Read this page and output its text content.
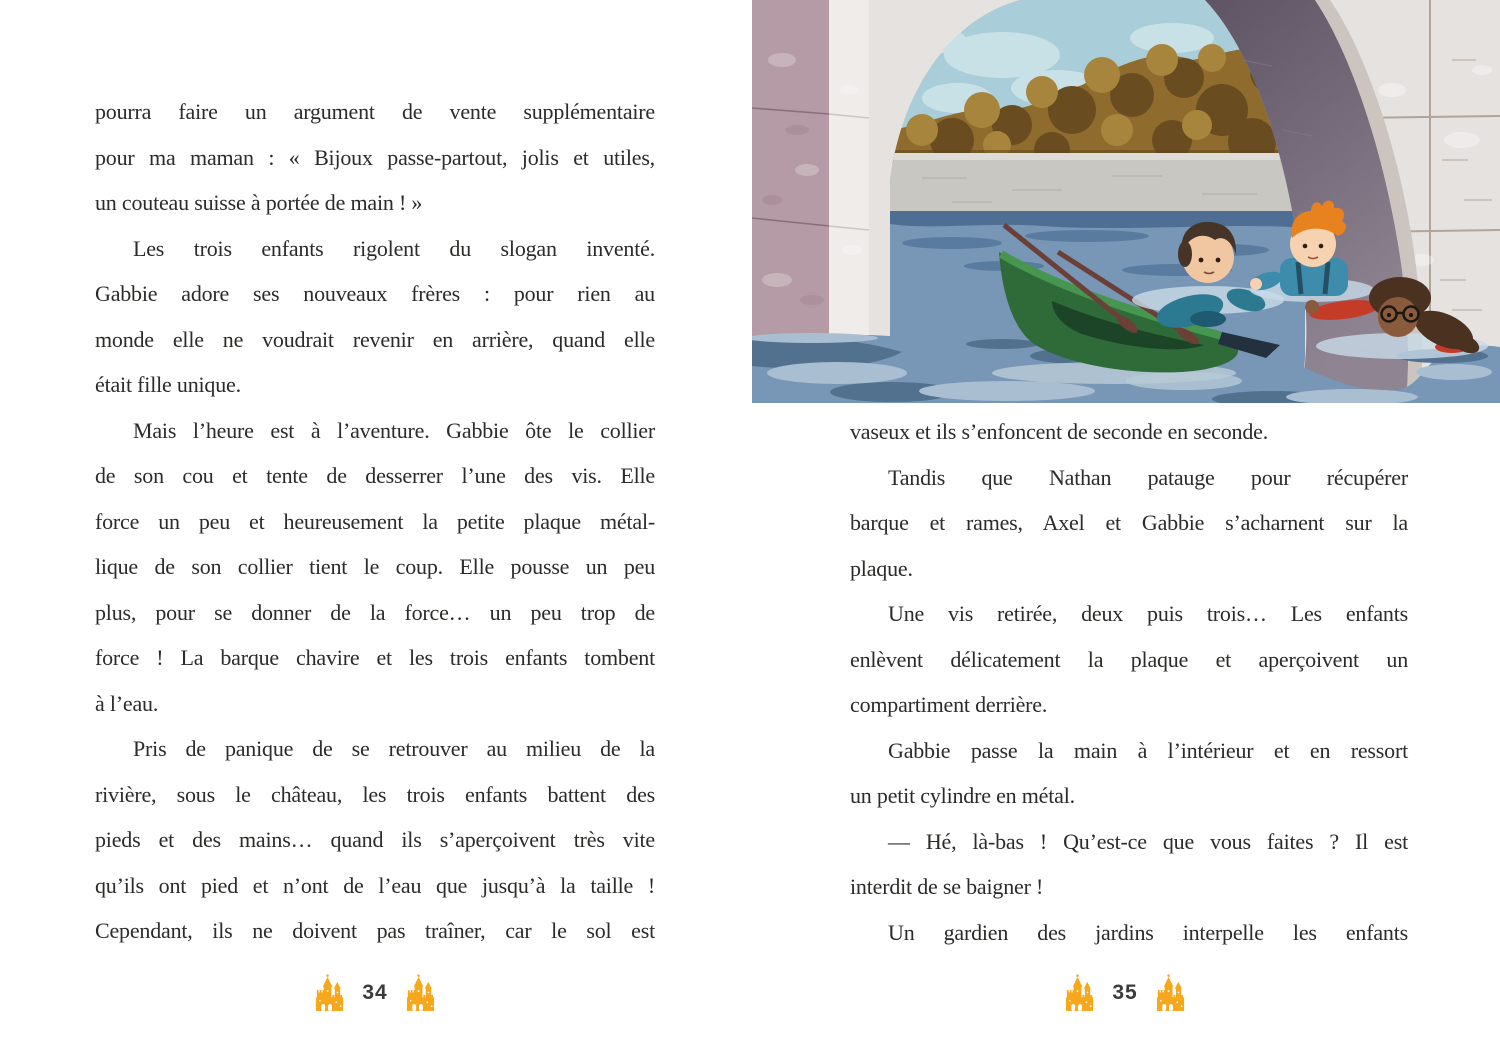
pourra faire un argument de vente supplémentaire
pour ma maman : « Bijoux passe-partout, jolis et utiles,
un couteau suisse à portée de main ! »
Les trois enfants rigolent du slogan inventé.
Gabbie adore ses nouveaux frères : pour rien au
monde elle ne voudrait revenir en arrière, quand elle
était fille unique.
Mais l’heure est à l’aventure. Gabbie ôte le collier
de son cou et tente de desserrer l’une des vis. Elle
force un peu et heureusement la petite plaque métal-
lique de son collier tient le coup. Elle pousse un peu
plus, pour se donner de la force… un peu trop de
force ! La barque chavire et les trois enfants tombent
à l’eau.
Pris de panique de se retrouver au milieu de la
rivière, sous le château, les trois enfants battent des
pieds et des mains… quand ils s’aperçoivent très vite
qu’ils ont pied et n’ont de l’eau que jusqu’à la taille !
Cependant, ils ne doivent pas traîner, car le sol est
vaseux et ils s’enfoncent de seconde en seconde.
Tandis que Nathan patauge pour récupérer
barque et rames, Axel et Gabbie s’acharnent sur la
plaque.
Une vis retirée, deux puis trois… Les enfants
enlèvent délicatement la plaque et aperçoivent un
compartiment derrière.
Gabbie passe la main à l’intérieur et en ressort
un petit cylindre en métal.
— Hé, là-bas ! Qu’est-ce que vous faites ? Il est
interdit de se baigner !
Un gardien des jardins interpelle les enfants
34	35
